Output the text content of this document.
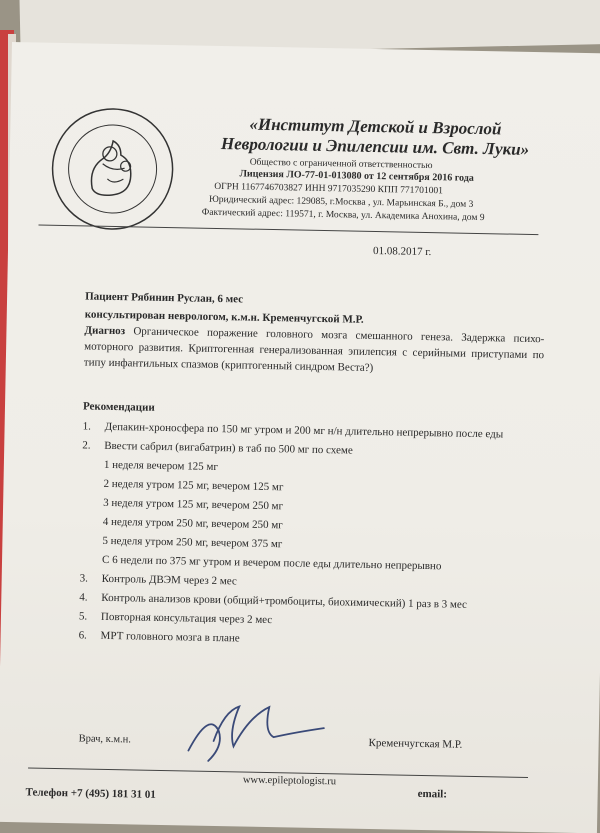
«Институт Детской и Взрослой
Неврологии и Эпилепсии им. Свт. Луки»
Общество с ограниченной ответственностью
Лицензия ЛО-77-01-013080 от 12 сентября 2016 года
ОГРН 1167746703827 ИНН 9717035290 КПП 771701001
Юридический адрес: 129085, г.Москва , ул. Марьинская Б., дом 3
Фактический адрес: 119571, г. Москва, ул. Академика Анохина, дом 9
01.08.2017 г.
Пациент Рябинин Руслан, 6 мес
консультирован неврологом, к.м.н. Кременчугской М.Р.
Диагноз Органическое поражение головного мозга смешанного генеза. Задержка психо-моторного развития. Криптогенная генерализованная эпилепсия с серийными приступами по типу инфантильных спазмов (криптогенный синдром Веста?)
Рекомендации
1. Депакин-хроносфера по 150 мг утром и 200 мг н/н длительно непрерывно после еды
2. Ввести сабрил (вигабатрин) в таб по 500 мг по схеме
1 неделя вечером 125 мг
2 неделя утром 125 мг, вечером 125 мг
3 неделя утром 125 мг, вечером 250 мг
4 неделя утром 250 мг, вечером 250 мг
5 неделя утром 250 мг, вечером 375 мг
С 6 недели по 375 мг утром и вечером после еды длительно непрерывно
3. Контроль ДВЭМ через 2 мес
4. Контроль анализов крови (общий+тромбоциты, биохимический) 1 раз в 3 мес
5. Повторная консультация через 2 мес
6. МРТ головного мозга в плане
Врач, к.м.н.	Кременчугская М.Р.
www.epileptologist.ru
Телефон +7 (495) 181 31 01	email:
